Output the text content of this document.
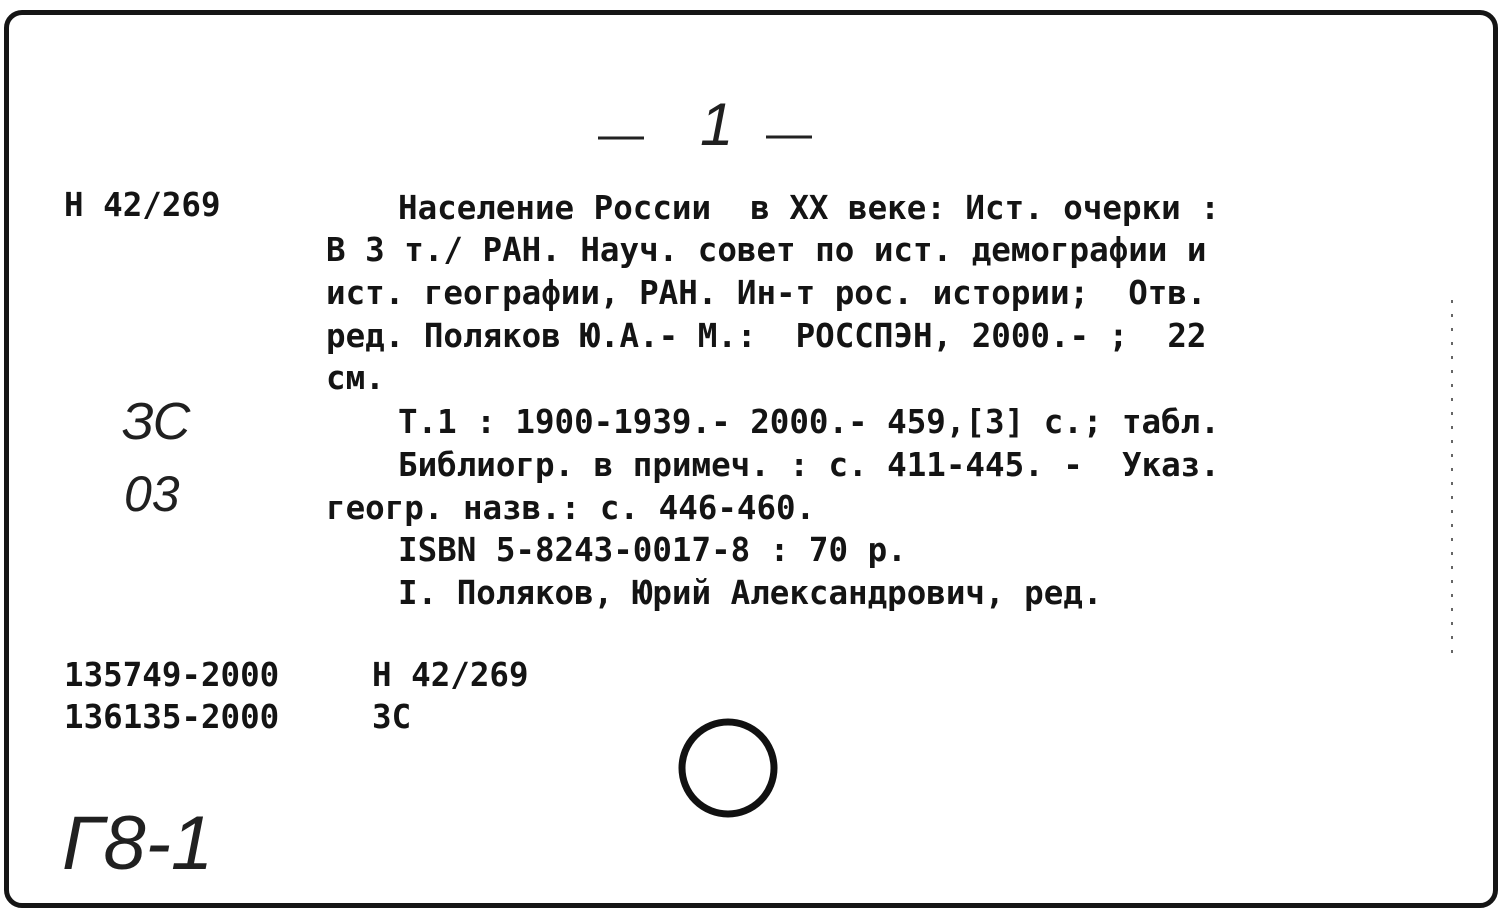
1
Н 42/269	Население России  в ХХ веке: Ист. очерки :
В 3 т./ РАН. Науч. совет по ист. демографии и
ист. географии, РАН. Ин-т рос. истории;  Отв.
ред. Поляков Ю.А.- М.:  РОССПЭН, 2000.- ;  22
см.
Т.1 : 1900-1939.- 2000.- 459,[3] с.; табл.
Библиогр. в примеч. : с. 411-445. -  Указ.
геогр. назв.: с. 446-460.
ISBN 5-8243-0017-8 : 70 р.
I. Поляков, Юрий Александрович, ред.
ЗС
03
135749-2000	Н 42/269
136135-2000	ЗС
Г8-1
